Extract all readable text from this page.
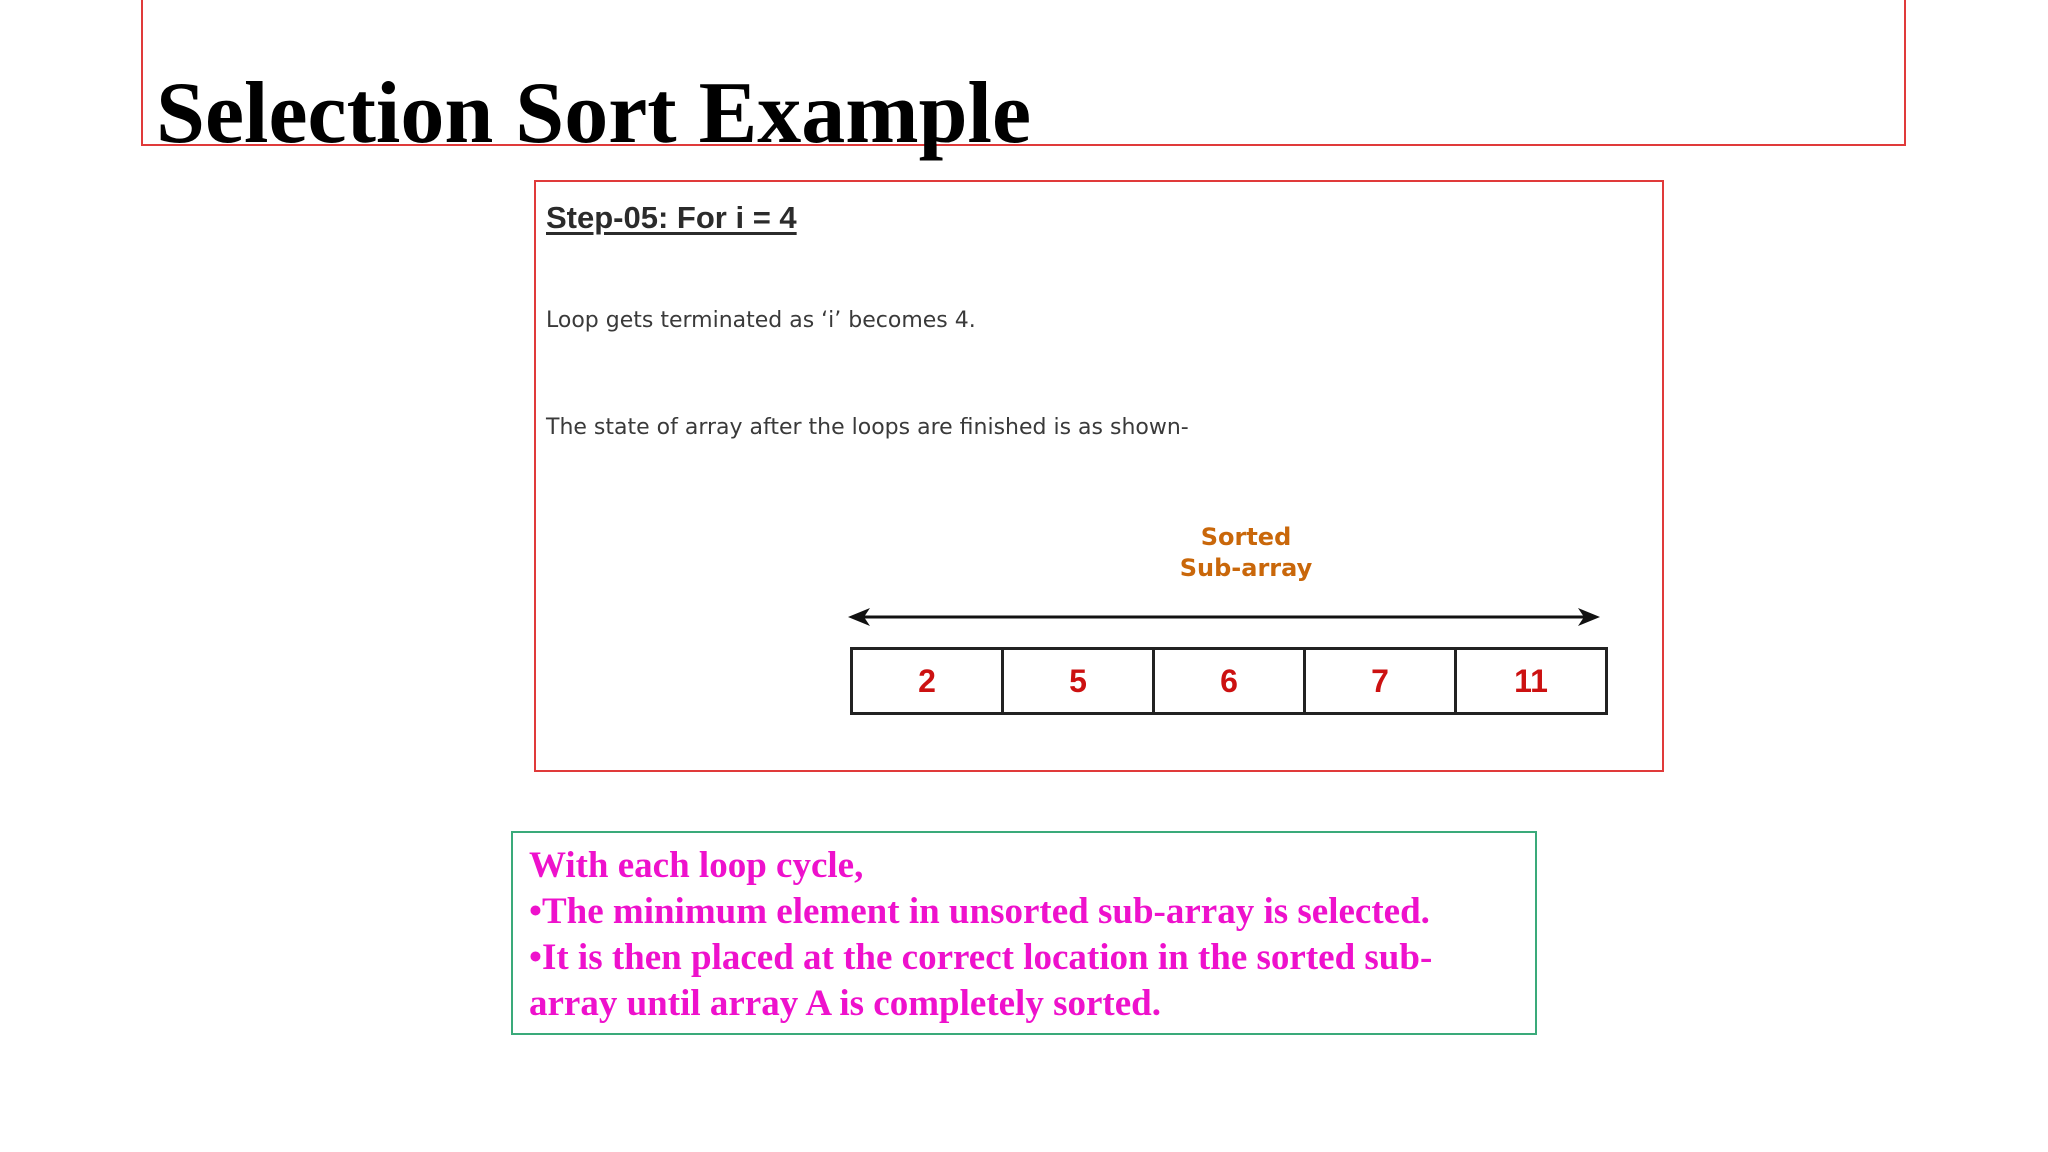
Selection Sort Example
Step-05: For i = 4

Loop gets terminated as ‘i’ becomes 4.

The state of array after the loops are finished is as shown-

Sorted
Sub-array
2	5	6	7	11
With each loop cycle,
•The minimum element in unsorted sub-array is selected.
•It is then placed at the correct location in the sorted sub-
array until array A is completely sorted.
